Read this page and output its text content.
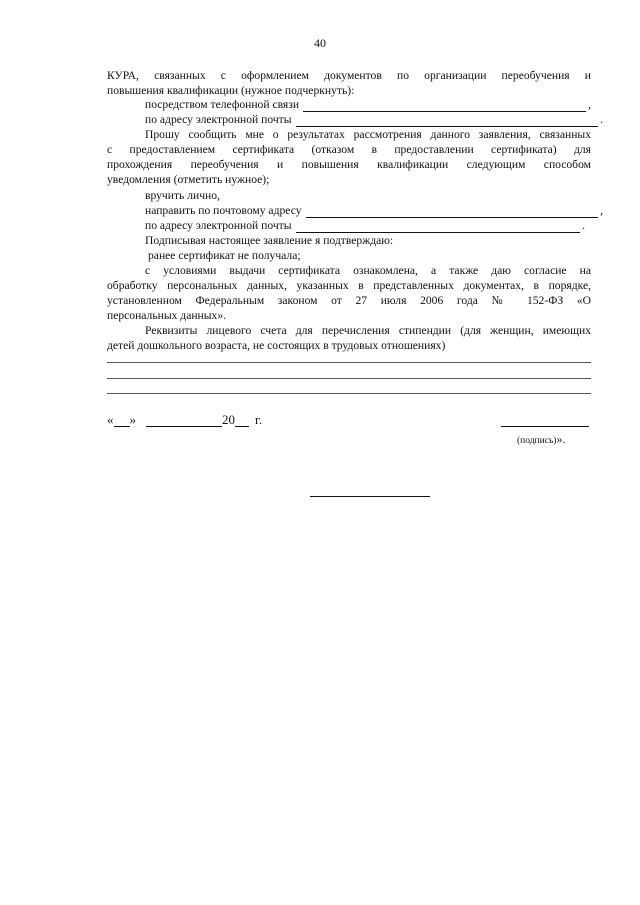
40
КУРА, связанных с оформлением документов по организации переобучения и
повышения квалификации (нужное подчеркнуть):
посредством телефонной связи	,
по адресу электронной почты	.
Прошу сообщить мне о результатах рассмотрения данного заявления, связанных
с предоставлением сертификата (отказом в предоставлении сертификата) для
прохождения переобучения и повышения квалификации следующим способом
уведомления (отметить нужное);
вручить лично,
направить по почтовому адресу	,
по адресу электронной почты	.
Подписывая настоящее заявление я подтверждаю:
ранее сертификат не получала;
с условиями выдачи сертификата ознакомлена, а также даю согласие на
обработку персональных данных, указанных в представленных документах, в порядке,
установленном Федеральным законом от 27 июля 2006 года № 152-ФЗ «О
персональных данных».
Реквизиты лицевого счета для перечисления стипендии (для женщин, имеющих
детей дошкольного возраста, не состоящих в трудовых отношениях)
« »	20 г.
(подпись)».
